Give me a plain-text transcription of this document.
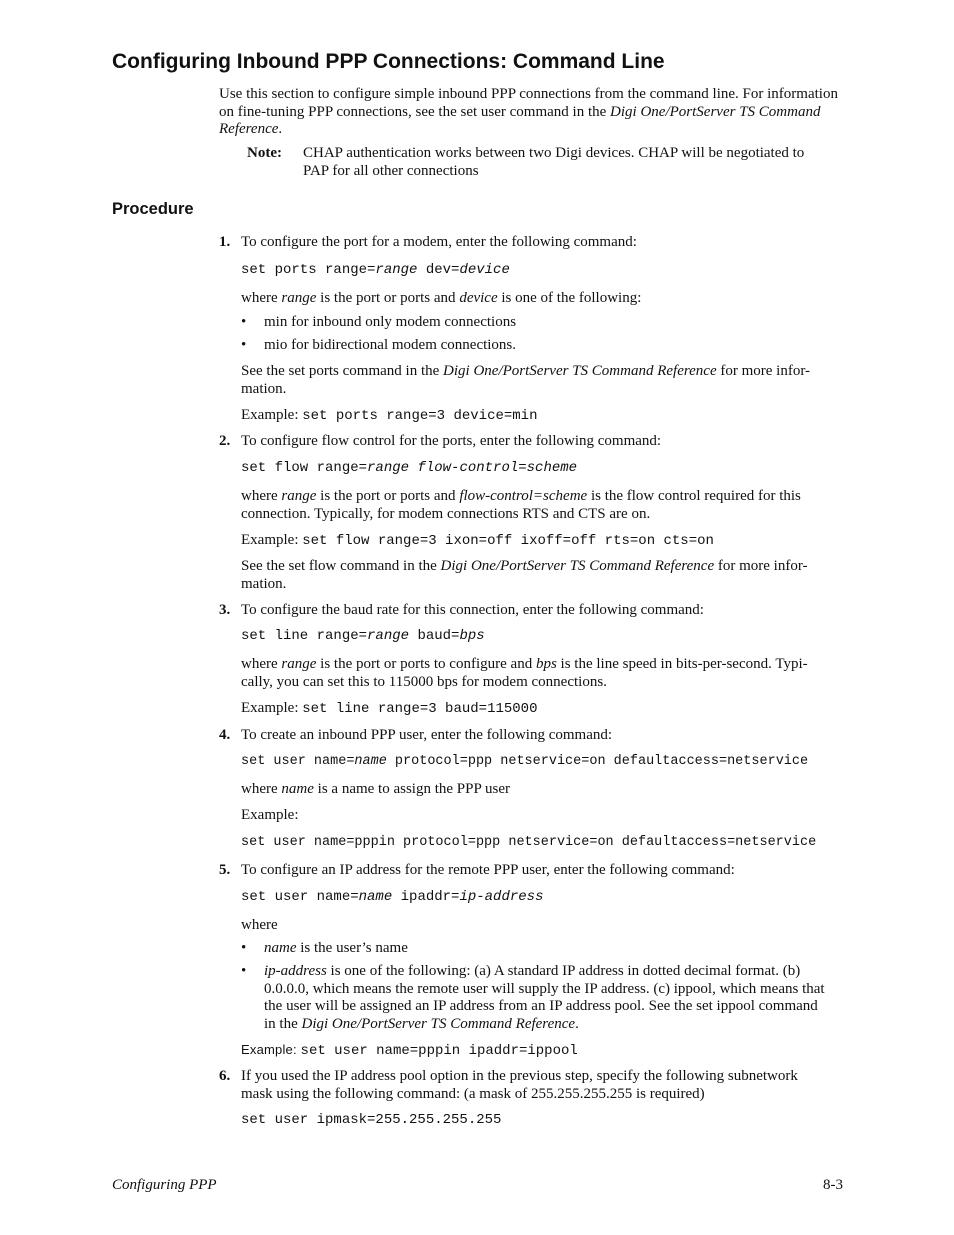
Configuring Inbound PPP Connections: Command Line
Use this section to configure simple inbound PPP connections from the command line. For information on fine-tuning PPP connections, see the set user command in the Digi One/PortServer TS Command Reference.
Note: CHAP authentication works between two Digi devices. CHAP will be negotiated to PAP for all other connections
Procedure
1. To configure the port for a modem, enter the following command:
set ports range=range dev=device
where range is the port or ports and device is one of the following:
• min for inbound only modem connections
• mio for bidirectional modem connections.
See the set ports command in the Digi One/PortServer TS Command Reference for more infor-
mation.
Example: set ports range=3 device=min
2. To configure flow control for the ports, enter the following command:
set flow range=range flow-control=scheme
where range is the port or ports and flow-control=scheme is the flow control required for this
connection. Typically, for modem connections RTS and CTS are on.
Example: set flow range=3 ixon=off ixoff=off rts=on cts=on
See the set flow command in the Digi One/PortServer TS Command Reference for more infor-
mation.
3. To configure the baud rate for this connection, enter the following command:
set line range=range baud=bps
where range is the port or ports to configure and bps is the line speed in bits-per-second. Typi-
cally, you can set this to 115000 bps for modem connections.
Example: set line range=3 baud=115000
4. To create an inbound PPP user, enter the following command:
set user name=name protocol=ppp netservice=on defaultaccess=netservice
where name is a name to assign the PPP user
Example:
set user name=pppin protocol=ppp netservice=on defaultaccess=netservice
5. To configure an IP address for the remote PPP user, enter the following command:
set user name=name ipaddr=ip-address
where
• name is the user’s name
• ip-address is one of the following: (a) A standard IP address in dotted decimal format. (b)
0.0.0.0, which means the remote user will supply the IP address. (c) ippool, which means that
the user will be assigned an IP address from an IP address pool. See the set ippool command
in the Digi One/PortServer TS Command Reference.
Example: set user name=pppin ipaddr=ippool
6. If you used the IP address pool option in the previous step, specify the following subnetwork
mask using the following command: (a mask of 255.255.255.255 is required)
set user ipmask=255.255.255.255
Configuring PPP	8-3
